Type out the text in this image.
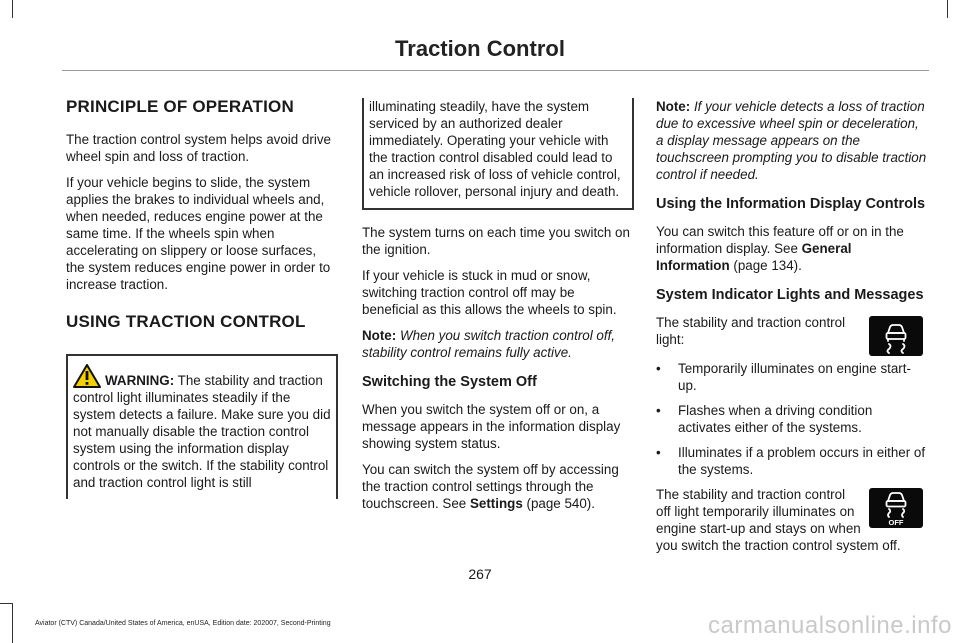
Traction Control
PRINCIPLE OF OPERATION

The traction control system helps avoid drive wheel spin and loss of traction.

If your vehicle begins to slide, the system applies the brakes to individual wheels and, when needed, reduces engine power at the same time. If the wheels spin when accelerating on slippery or loose surfaces, the system reduces engine power in order to increase traction.

USING TRACTION CONTROL
WARNING: The stability and traction control light illuminates steadily if the system detects a failure. Make sure you did not manually disable the traction control system using the information display controls or the switch. If the stability control and traction control light is still
illuminating steadily, have the system serviced by an authorized dealer immediately. Operating your vehicle with the traction control disabled could lead to an increased risk of loss of vehicle control, vehicle rollover, personal injury and death.

The system turns on each time you switch on the ignition.

If your vehicle is stuck in mud or snow, switching traction control off may be beneficial as this allows the wheels to spin.

Note: When you switch traction control off, stability control remains fully active.

Switching the System Off

When you switch the system off or on, a message appears in the information display showing system status.

You can switch the system off by accessing the traction control settings through the touchscreen. See Settings (page 540).

Note: If your vehicle detects a loss of traction due to excessive wheel spin or deceleration, a display message appears on the touchscreen prompting you to disable traction control if needed.

Using the Information Display Controls

You can switch this feature off or on in the information display. See General Information (page 134).

System Indicator Lights and Messages

The stability and traction control light:

• Temporarily illuminates on engine start-up.
• Flashes when a driving condition activates either of the systems.
• Illuminates if a problem occurs in either of the systems.
OFF

The stability and traction control off light temporarily illuminates on engine start-up and stays on when you switch the traction control system off.

267
Aviator (CTV) Canada/United States of America, enUSA, Edition date: 202007, Second-Printing	carmanualsonline.info
